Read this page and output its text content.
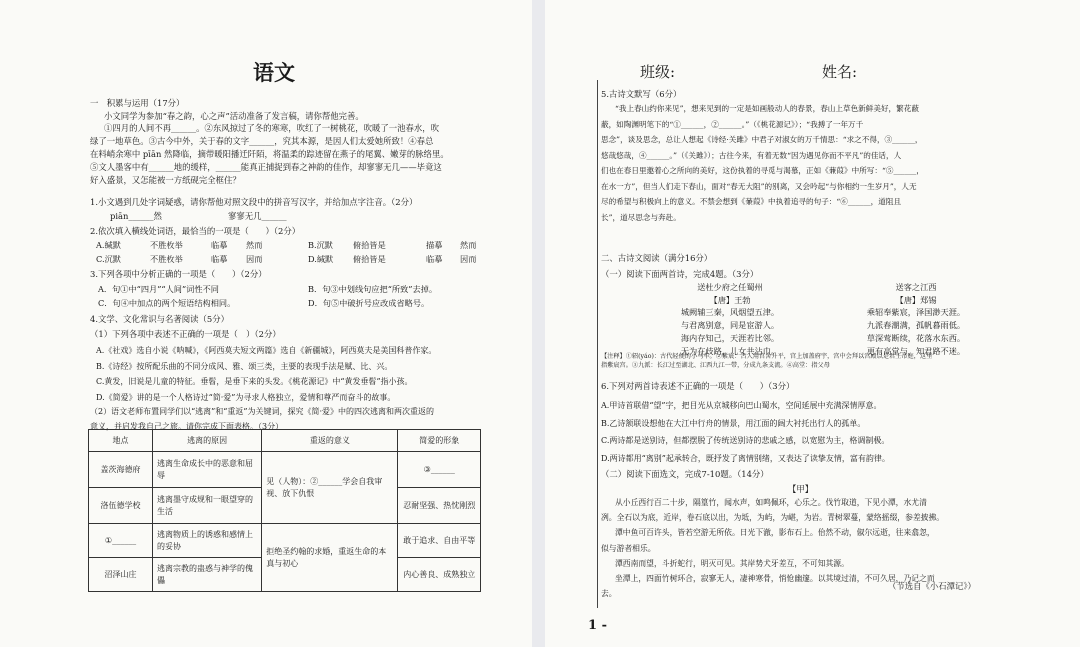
语文
一　积累与运用（17分）
小文同学为参加“春之韵，心之声”活动准备了发言稿，请你帮他完善。

①四月的人间不再______。②东风掠过了冬的寒寒，吹红了一树桃花，吹暖了一池春水，吹

绿了一地草色。③古今中外，关于春的文字______，究其本源，是因人们太爱她所致！④春总

在料峭余寒中 pīān 然降临，摘带暖阳播迁阡陌，将温柔的踪迹留在燕子的尾翼、嫩芽的脉络里。

⑤文人墨客中有______地的缓样，______能真正捕捉到春之神韵的佳作，却寥寥无几——毕竟这

好入盛景，又怎能被一方纸砚完全框住？

1.小文遇到几处字词疑惑，请你帮他对照文段中的拼音写汉字，并给加点字注音。（2分）
piān______然	寥寥无几______
2.依次填入横线处词语，最恰当的一项是（　　）（2分）
A.缄默	不胜枚举	临摹 然而	B.沉默 俯拾皆是	描摹 然而
C.沉默	不胜枚举	临摹 因而	D.缄默 俯拾皆是	临摹 因而
3.下列各项中分析正确的一项是（　　）（2分）
A．句①中“四月”“人间”词性不同	B．句③中划线句应把“所致”去掉。
C．句④中加点的两个短语结构相同。	D．句⑤中破折号应改成省略号。
4.文学、文化常识与名著阅读（5分）
（1）下列各项中表述不正确的一项是（　）（2分）

A.《社戏》选自小说《呐喊》，《阿西莫夫短文两篇》选自《新疆城》，阿西莫夫是美国科普作家。

B.《诗经》按所配乐曲的不同分成风、雅、颂三类，主要的表现手法是赋、比、兴。

C.黄发，旧说是儿童的特征。垂髫，是垂下来的头发。《桃花源记》中“黄发垂髫”指小孩。

D.《简爱》讲的是一个人格诗过“简·爱”为寻求人格独立，爱情和尊严而奋斗的故事。

（2）语文老师布置同学们以“逃离”和“重返”为关键词，探究《简·爱》中的四次逃离和两次重返的

意义，并启发我自己之旅。请你完成下面表格。（3分）

地点	逃离的原因	重返的意义	简爱的形象
盖茨海德府	逃离生命成长中的恶意和屈辱	见（人物）：②______学会自我审视、放下仇恨	③______
洛伍德学校	逃离墨守成规和一眼望穿的生活		忍耐坚强、热忱刚烈
①______	逃离物质上的诱惑和感情上的妥协	拒绝圣约翰的求婚，重返生命的本真与初心	敢于追求、自由平等
沼泽山庄	逃离宗教的蛊惑与神学的傀儡		内心善良、成熟独立
班级:	姓名:
5.古诗文默写（6分）

“我上春山约你来见”，想来见到的一定是如画般动人的春景，春山上草色新鲜美好，繁花蔽

蔽，如陶渊明笔下的“①______，②______。”（《桃花源记》）；“我搏了一年万千

思念”，谈及思念，总让人想起《诗经·关雎》中君子对淑女的万千情思：“求之不得，③______，

悠哉悠哉，④______。”（《关雎》）；古往今来，有着无数“因为遇见你而不平凡”的佳话，人

们也在春日里邀着心之所向的美好，这份执着的寻觅与渴慕，正如《蒹葭》中所写：“⑤______，

在水一方”，但当人们走下春山，面对“春无大阻”的别离，又会吟起“与你相约一生岁月”，人无

尽的希望与积极向上的意义。不禁会想到《蒹葭》中执着追寻的句子：“⑥______，道阻且

长”，道尽思念与奔赴。

二、古诗文阅读（满分16分）
（一）阅读下面两首诗，完成4题。（3分）
送杜少府之任蜀州
【唐】王勃
城阙辅三秦，风烟望五津。
与君离别意，同是宦游人。
海内存知己，天涯若比邻。
无为在歧路，儿女共沾巾。
送客之江西
【唐】郑锡
乘轺奉紫宸，泽国渺天涯。
九派春潮满，孤帆暮雨低。
草深莺断续，花落水东西。
更有高堂与，知君路不迷。

【注释】①轺(yáo)：古代轻便的小马车。②紫宸：古人用宫舍升平，宫上加盖府宇，宫中会拜以宫殿以是君王帝庭，这里

指紫宸宫。③九派：长江过至湖北、江西九江一带，分成九条支流。④高堂：指父母

6.下列对两首诗表述不正确的一项是（　　）（3分）

A.甲诗首联借“望”字，把目光从京城移向巴山蜀水，空间延展中充满深情厚意。

B.乙诗颔联设想他在大江中行舟的情景，用江面的阔大衬托出行人的孤单。

C.两诗都是送别诗，但都摆脱了传统送别诗的悲戚之感，以宽慰为主，格调制极。

D.两诗都用“离别”起承转合，既抒发了离情别绪，又表达了读挚友情，富有韵律。

（二）阅读下面选文，完成7-10题。（14分）
【甲】

从小丘西行百二十步，隔篁竹，闻水声，如鸣佩环，心乐之。伐竹取道，下见小潭，水尤清

冽。全石以为底，近岸，卷石底以出，为坻，为屿，为嵁，为岩。青树翠蔓，蒙络摇缀，参差披拂。

潭中鱼可百许头，皆若空游无所依。日光下澈，影布石上。佁然不动，俶尔远逝，往来翕忽，

似与游者相乐。

潭西南而望，斗折蛇行，明灭可见。其岸势犬牙差互，不可知其源。

坐潭上，四面竹树环合，寂寥无人，凄神寒骨，悄怆幽邃。以其境过清，不可久居，乃记之而

去。

（节选自《小石潭记》）
1 -
